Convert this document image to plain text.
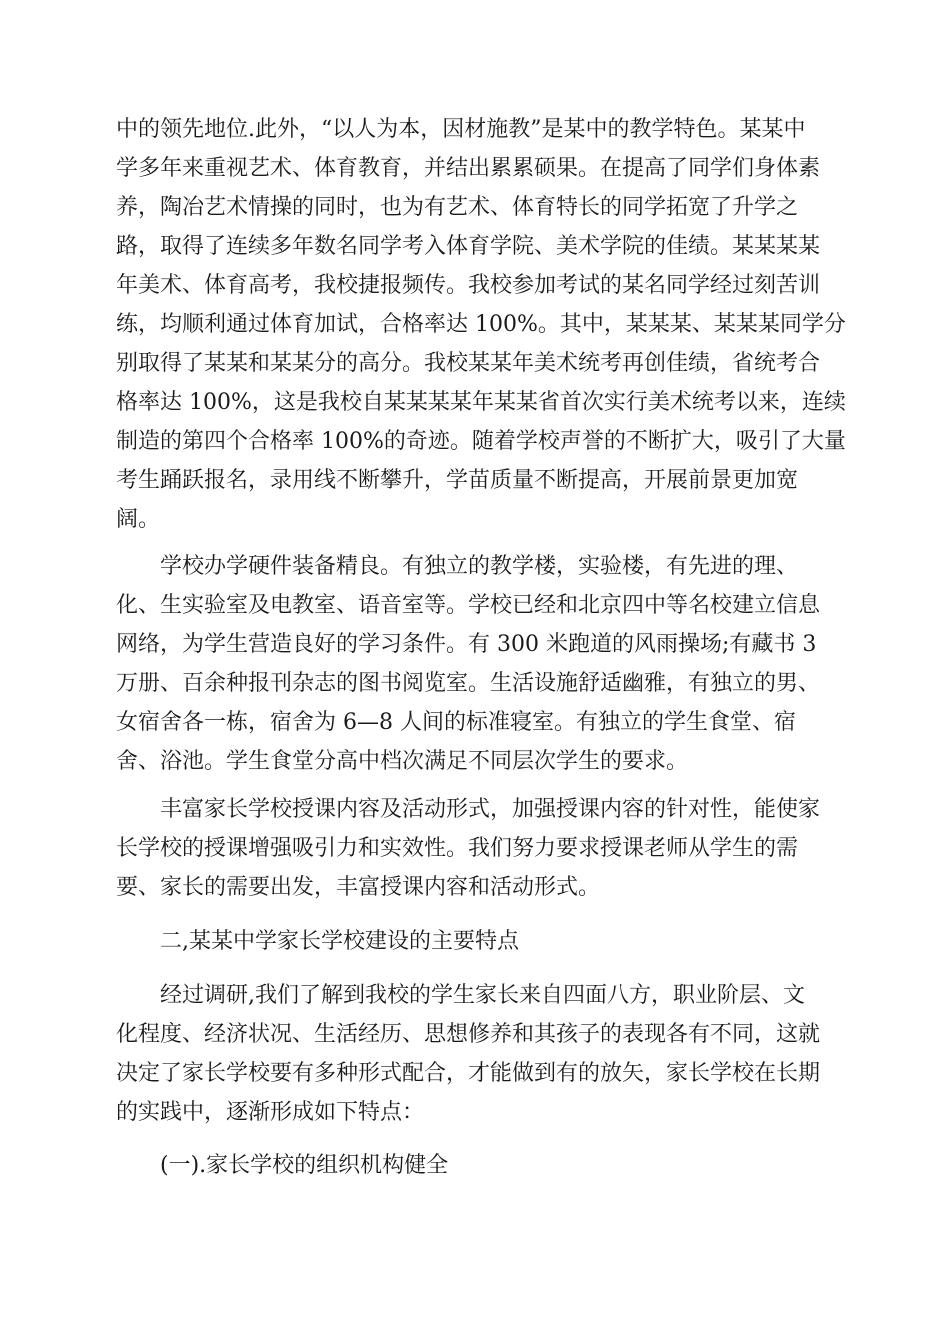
中的领先地位.此外，“以人为本，因材施教”是某中的教学特色。某某中

学多年来重视艺术、体育教育，并结出累累硕果。在提高了同学们身体素

养，陶冶艺术情操的同时，也为有艺术、体育特长的同学拓宽了升学之

路，取得了连续多年数名同学考入体育学院、美术学院的佳绩。某某某某

年美术、体育高考，我校捷报频传。我校参加考试的某名同学经过刻苦训

练，均顺利通过体育加试，合格率达 100%。其中，某某某、某某某同学分

别取得了某某和某某分的高分。我校某某年美术统考再创佳绩，省统考合

格率达 100%，这是我校自某某某某年某某省首次实行美术统考以来，连续

制造的第四个合格率 100%的奇迹。随着学校声誉的不断扩大，吸引了大量

考生踊跃报名，录用线不断攀升，学苗质量不断提高，开展前景更加宽

阔。

学校办学硬件装备精良。有独立的教学楼，实验楼，有先进的理、

化、生实验室及电教室、语音室等。学校已经和北京四中等名校建立信息

网络，为学生营造良好的学习条件。有 300 米跑道的风雨操场;有藏书 3

万册、百余种报刊杂志的图书阅览室。生活设施舒适幽雅，有独立的男、

女宿舍各一栋，宿舍为 6—8 人间的标准寝室。有独立的学生食堂、宿

舍、浴池。学生食堂分高中档次满足不同层次学生的要求。

丰富家长学校授课内容及活动形式，加强授课内容的针对性，能使家

长学校的授课增强吸引力和实效性。我们努力要求授课老师从学生的需

要、家长的需要出发，丰富授课内容和活动形式。

二,某某中学家长学校建设的主要特点

经过调研,我们了解到我校的学生家长来自四面八方，职业阶层、文

化程度、经济状况、生活经历、思想修养和其孩子的表现各有不同，这就

决定了家长学校要有多种形式配合，才能做到有的放矢，家长学校在长期

的实践中，逐渐形成如下特点：

(一).家长学校的组织机构健全
